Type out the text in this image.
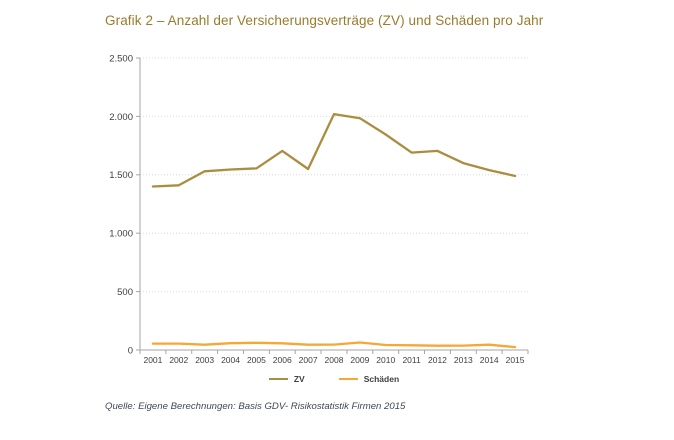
Grafik 2 – Anzahl der Versicherungsverträge (ZV) und Schäden pro Jahr
0
500
1.000
1.500
2.000
2.500
2001 2002 2003 2004 2005 2006 2007 2008 2009 2010 2011 2012 2013 2014 2015
ZV	Schäden
Quelle: Eigene Berechnungen: Basis GDV- Risikostatistik Firmen 2015
